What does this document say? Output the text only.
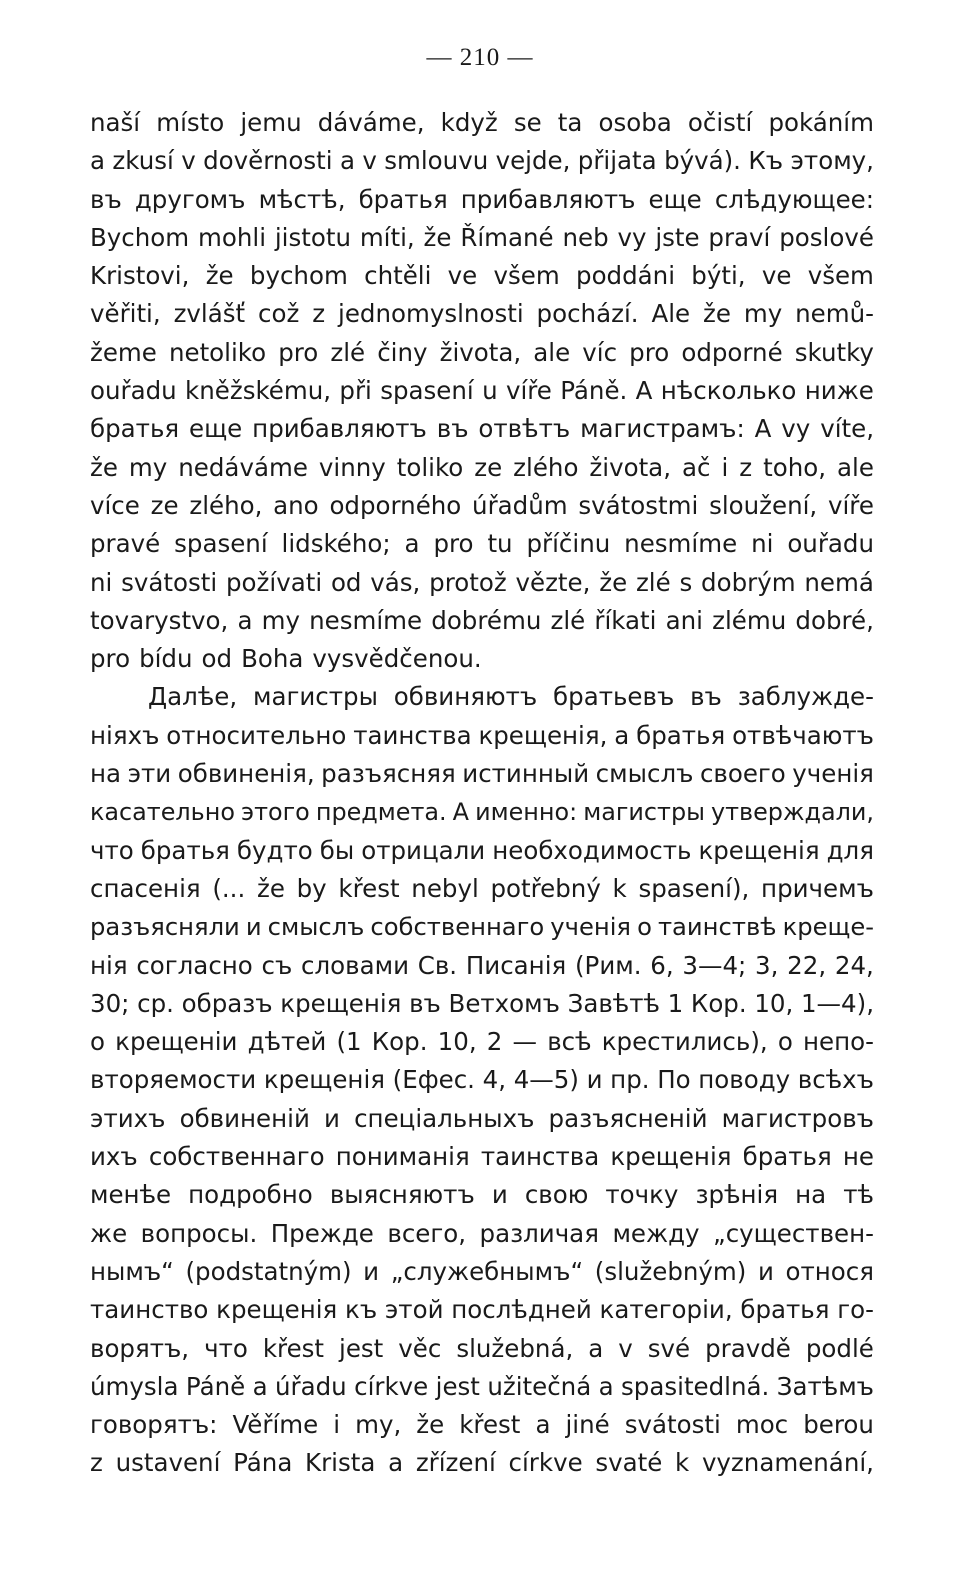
— 210 —
naší místo jemu dáváme, když se ta osoba očistí pokáním
a zkusí v dověrnosti a v smlouvu vejde, přijata bývá). Къ этому,
въ другомъ мѣстѣ, братья прибавляютъ еще слѣдующее:
Bychom mohli jistotu míti, že Římané neb vy jste praví poslové
Kristovi, že bychom chtěli ve všem poddáni býti, ve všem
věřiti, zvlášť což z jednomyslnosti pochází. Ale že my nemů-
žeme netoliko pro zlé činy života, ale víc pro odporné skutky
ouřadu kněžskému, při spasení u víře Páně. А нѣсколько ниже
братья еще прибавляютъ въ отвѣтъ магистрамъ: A vy víte,
že my nedáváme vinny toliko ze zlého života, ač i z toho, ale
více ze zlého, ano odporného úřadům svátostmi sloužení, víře
pravé spasení lidského; a pro tu příčinu nesmíme ni ouřadu
ni svátosti požívati od vás, protož vězte, že zlé s dobrým nemá
tovarystvo, a my nesmíme dobrému zlé říkati ani zlému dobré,
pro bídu od Boha vysvědčenou.
Далѣе, магистры обвиняютъ братьевъ въ заблужде-
ніяхъ относительно таинства крещенія, а братья отвѣчаютъ
на эти обвиненія, разъясняя истинный смыслъ своего ученія
касательно этого предмета. А именно: магистры утверждали,
что братья будто бы отрицали необходимость крещенія для
спасенія (... že by křest nebyl potřebný k spasení), причемъ
разъясняли и смыслъ собственнаго ученія о таинствѣ креще-
нія согласно съ словами Св. Писанія (Рим. 6, 3—4; 3, 22, 24,
30; ср. образъ крещенія въ Ветхомъ Завѣтѣ 1 Кор. 10, 1—4),
о крещеніи дѣтей (1 Кор. 10, 2 — всѣ крестились), о непо-
вторяемости крещенія (Ефес. 4, 4—5) и пр. По поводу всѣхъ
этихъ обвиненій и спеціальныхъ разъясненій магистровъ
ихъ собственнаго пониманія таинства крещенія братья не
менѣе подробно выясняютъ и свою точку зрѣнія на тѣ
же вопросы. Прежде всего, различая между „существен-
нымъ“ (podstatným) и „служебнымъ“ (služebným) и относя
таинство крещенія къ этой послѣдней категоріи, братья го-
ворятъ, что křest jest věc služebná, a v své pravdě podlé
úmysla Páně a úřadu církve jest užitečná a spasitedlná. Затѣмъ
говорятъ: Věříme i my, že křest a jiné svátosti moc berou
z ustavení Pána Krista a zřízení církve svaté k vyznamenání,
